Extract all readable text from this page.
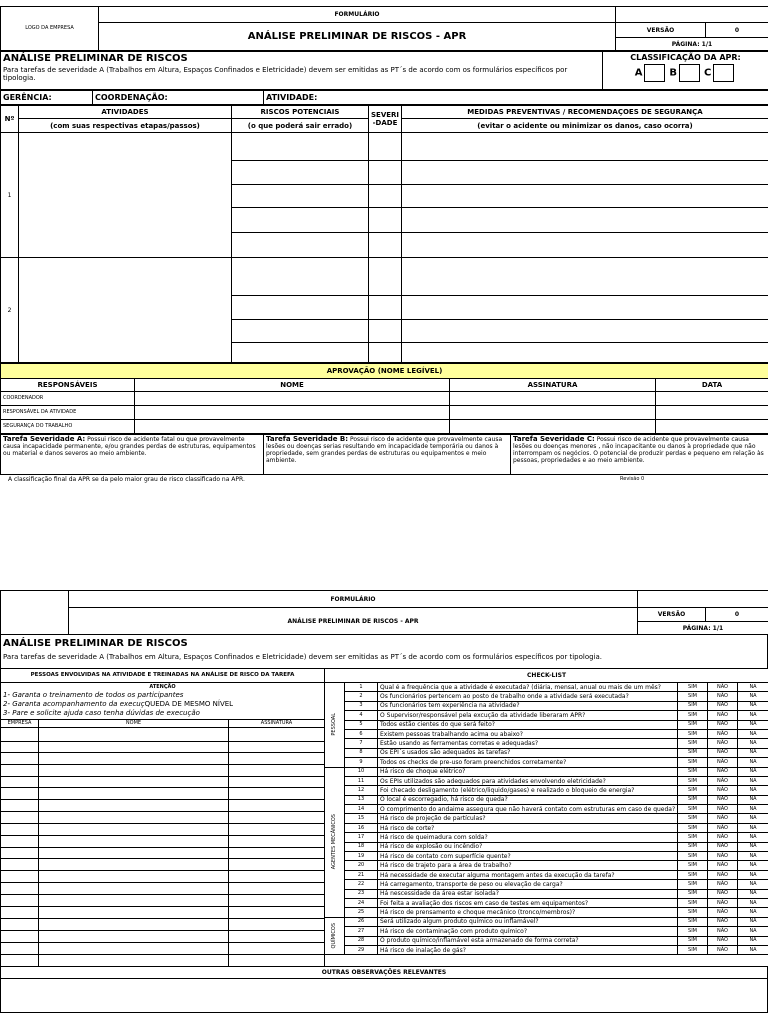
LOGO DA EMPRESA	FORMULÁRIO		
	ANÁLISE PRELIMINAR DE RISCOS - APR	VERSÃO	0
		PÁGINA: 1/1	
ANÁLISE PRELIMINAR DE RISCOS
Para tarefas de severidade A (Trabalhos em Altura, Espaços Confinados e Eletricidade) devem ser emitidas as PT´s de acordo com os formulários específicos por tipologia.

CLASSIFICAÇÃO DA APR:
A	B	C
GERÊNCIA:	COORDENAÇÃO:	ATIVIDADE:
Nº	ATIVIDADES	RISCOS POTENCIAIS	SEVERI -DADE	MEDIDAS PREVENTIVAS / RECOMENDAÇOES DE SEGURANÇA
	(com suas respectivas etapas/passos)	(o que poderá sair errado)		(evitar o acidente ou minimizar os danos, caso ocorra)
1				

2				

APROVAÇÃO (NOME LEGÍVEL)			
RESPONSÁVEIS	NOME	ASSINATURA	DATA
COORDENADOR			
RESPONSÁVEL DA ATIVIDADE			
SEGURANÇA DO TRABALHO			
Tarefa Severidade A: Possui risco de acidente fatal ou que provavelmente causa incapacidade permanente, e/ou grandes perdas de estruturas, equipamentos ou material e danos severos ao meio ambiente.	Tarefa Severidade B: Possui risco de acidente que provavelmente causa lesões ou doenças serias resultando em incapacidade temporária ou danos à propriedade, sem grandes perdas de estruturas ou equipamentos e meio ambiente.	Tarefa Severidade C: Possui risco de acidente que provavelmente causa lesões ou doenças menores , não incapacitante ou danos à propriedade que não interrompam os negócios. O potencial de produzir perdas e pequeno em relação às pessoas, propriedades e ao meio ambiente.
A classificação final da APR se da pelo maior grau de risco classificado na APR.	Revisão 0
	FORMULÁRIO		
	ANÁLISE PRELIMINAR DE RISCOS - APR	VERSÃO	0
		PÁGINA: 1/1	
ANÁLISE PRELIMINAR DE RISCOS
Para tarefas de severidade A (Trabalhos em Altura, Espaços Confinados e Eletricidade) devem ser emitidas as PT´s de acordo com os formulários específicos por tipologia.
PESSOAS ENVOLVIDAS NA ATIVIDADE E TREINADAS NA ANÁLISE DE RISCO DA TAREFA		

ATENÇÃO
1- Garanta o treinamento de todos os participantes
2- Garanta acompanhamento da execuçQUEDA DE MESMO NÍVEL
3- Pare e solicite ajuda caso tenha dúvidas de execução		

EMPRESA	NOME	ASSINATURA

CHECK-LIST					

PESSOAL	1	Qual é a frequência que a atividade é executada? (diária, mensal, anual ou mais de um mês?	SIM	NÃO	NA
	2	Os funcionários pertencem ao posto de trabalho onde a atividade será executada?	SIM	NÃO	NA
	3	Os funcionários tem experiência na atividade?	SIM	NÃO	NA
	4	O Supervisor/responsável pela excução da atividade liberaram APR?	SIM	NÃO	NA
	5	Todos estão cientes do que será feito?	SIM	NÃO	NA
	6	Existem pessoas trabalhando acima ou abaixo?	SIM	NÃO	NA
	7	Estão usando as ferramentas corretas e adequadas?	SIM	NÃO	NA
	8	Os EPI´s usados são adequados às tarefas?	SIM	NÃO	NA
	9	Todos os checks de pre-uso foram preenchidos corretamente?	SIM	NÃO	NA

AGENTES MECÂNICOS	10	Há risco de choque elétrico?	SIM	NÃO	NA
	11	Os EPIs utilizados são adequados para atividades envolvendo eletricidade?	SIM	NÃO	NA
	12	Foi checado desligamento (elétrico/liquido/gases) e realizado o bloqueio de energia?	SIM	NÃO	NA
	13	O local é escorregadio, há risco de queda?	SIM	NÃO	NA
	14	O comprimento do andaime assegura que não haverá contato com estruturas em caso de queda?	SIM	NÃO	NA
	15	Há risco de projeção de partículas?	SIM	NÃO	NA
	16	Há risco de corte?	SIM	NÃO	NA
	17	Há risco de queimadura com solda?	SIM	NÃO	NA
	18	Há risco de explosão ou incêndio?	SIM	NÃO	NA
	19	Há risco de contato com superfície quente?	SIM	NÃO	NA
	20	Há risco de trajeto para a área de trabalho?	SIM	NÃO	NA
	21	Há necessidade de executar alguma montagem antes da execução da tarefa?	SIM	NÃO	NA
	22	Há carregamento, transporte de peso ou elevação de carga?	SIM	NÃO	NA
	23	Há nescessidade da área estar isolada?	SIM	NÃO	NA
	24	Foi feita a avaliação dos riscos em caso de testes em equipamentos?	SIM	NÃO	NA
	25	Há risco de prensamento e choque mecânico (tronco/membros)?	SIM	NÃO	NA

QUÍMICOS	26	Será utilizado algum produto químico ou inflamável?	SIM	NÃO	NA
	27	Há risco de contaminação com produto químico?	SIM	NÃO	NA
	28	O produto químico/inflamável esta armazenado de forma correta?	SIM	NÃO	NA
	29	Há risco de inalação de gás?	SIM	NÃO	NA
OUTRAS OBSERVAÇÕES RELEVANTES
